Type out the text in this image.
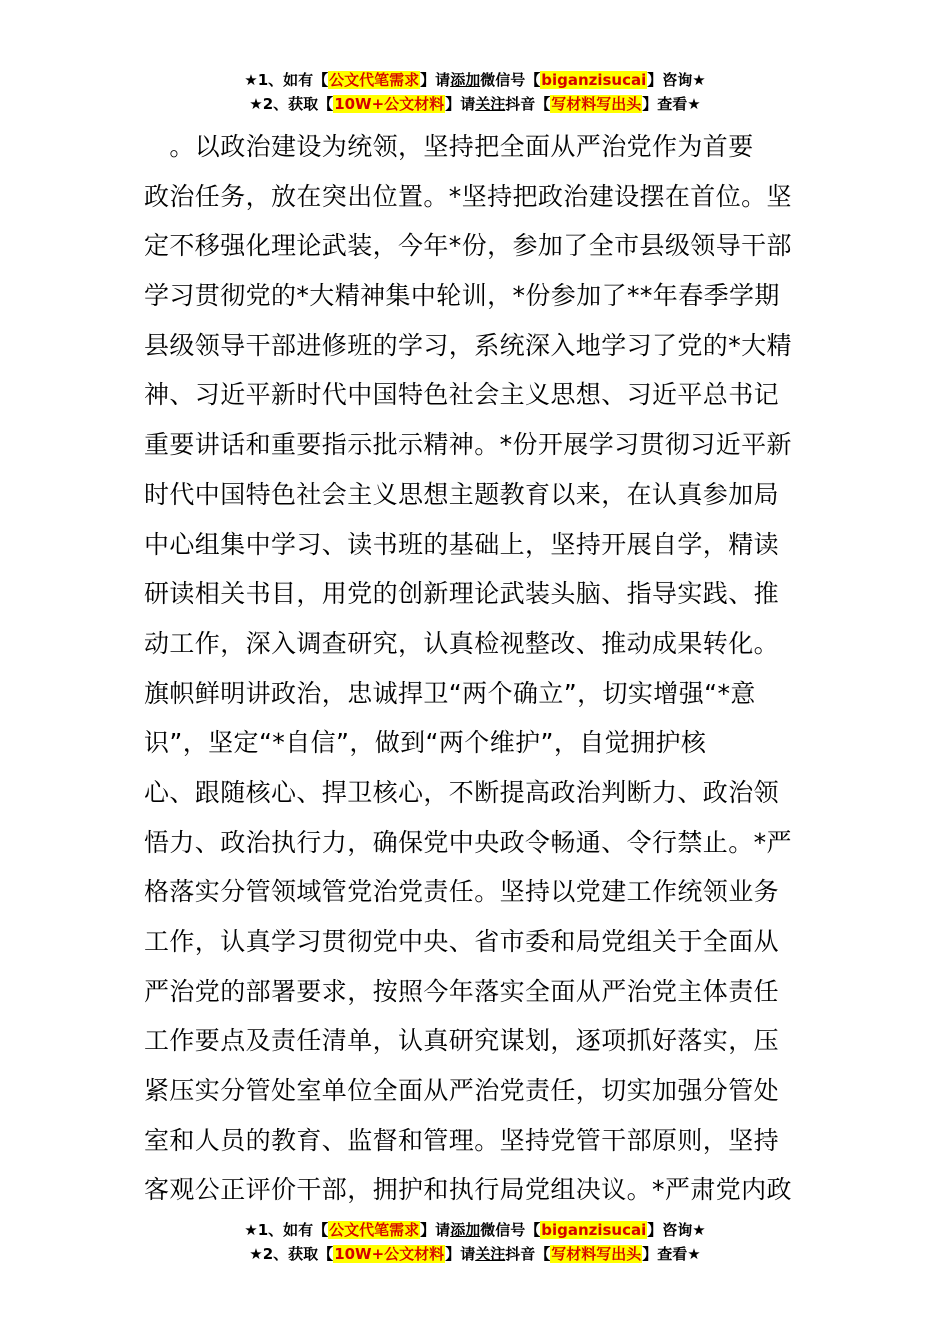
★1、如有【公文代笔需求】请添加微信号【biganzisucai】咨询★
★2、获取【10W+公文材料】请关注抖音【写材料写出头】查看★
　。以政治建设为统领，坚持把全面从严治党作为首要
政治任务，放在突出位置。*坚持把政治建设摆在首位。坚
定不移强化理论武装，今年*份，参加了全市县级领导干部
学习贯彻党的*大精神集中轮训，*份参加了**年春季学期
县级领导干部进修班的学习，系统深入地学习了党的*大精
神、习近平新时代中国特色社会主义思想、习近平总书记
重要讲话和重要指示批示精神。*份开展学习贯彻习近平新
时代中国特色社会主义思想主题教育以来，在认真参加局
中心组集中学习、读书班的基础上，坚持开展自学，精读
研读相关书目，用党的创新理论武装头脑、指导实践、推
动工作，深入调查研究，认真检视整改、推动成果转化。
旗帜鲜明讲政治，忠诚捍卫“两个确立”，切实增强“*意
识”，坚定“*自信”，做到“两个维护”，自觉拥护核
心、跟随核心、捍卫核心，不断提高政治判断力、政治领
悟力、政治执行力，确保党中央政令畅通、令行禁止。*严
格落实分管领域管党治党责任。坚持以党建工作统领业务
工作，认真学习贯彻党中央、省市委和局党组关于全面从
严治党的部署要求，按照今年落实全面从严治党主体责任
工作要点及责任清单，认真研究谋划，逐项抓好落实，压
紧压实分管处室单位全面从严治党责任，切实加强分管处
室和人员的教育、监督和管理。坚持党管干部原则，坚持
客观公正评价干部，拥护和执行局党组决议。*严肃党内政
★1、如有【公文代笔需求】请添加微信号【biganzisucai】咨询★
★2、获取【10W+公文材料】请关注抖音【写材料写出头】查看★
